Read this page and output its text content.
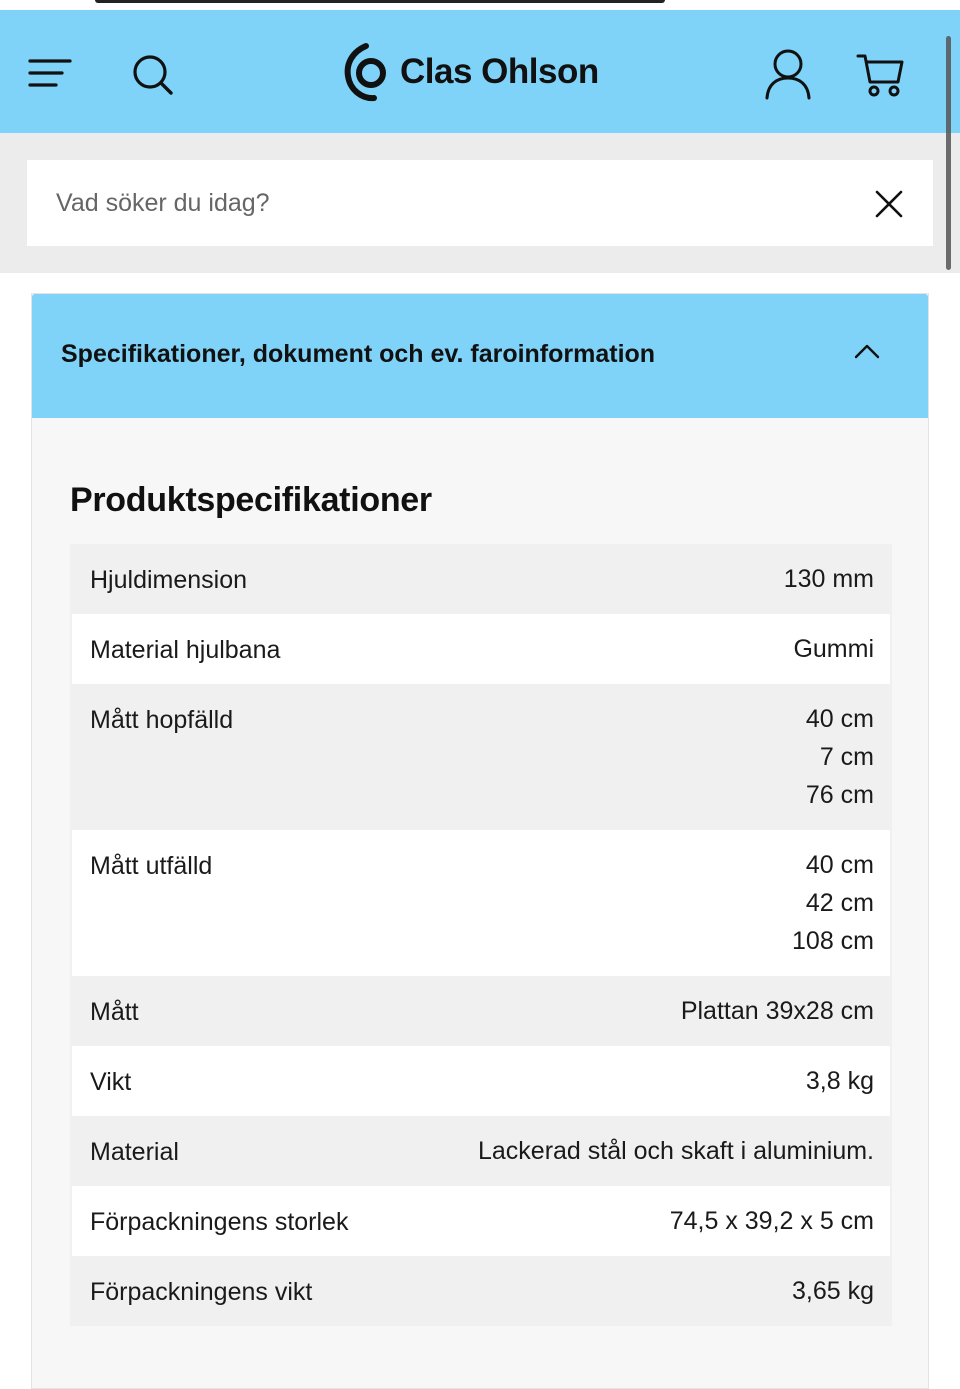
Clas Ohlson
Vad söker du idag?
Specifikationer, dokument och ev. faroinformation
Produktspecifikationer
Hjuldimension	130 mm
Material hjulbana	Gummi
Mått hopfälld	40 cm
7 cm
76 cm
Mått utfälld	40 cm
42 cm
108 cm
Mått	Plattan 39x28 cm
Vikt	3,8 kg
Material	Lackerad stål och skaft i aluminium.
Förpackningens storlek	74,5 x 39,2 x 5 cm
Förpackningens vikt	3,65 kg
